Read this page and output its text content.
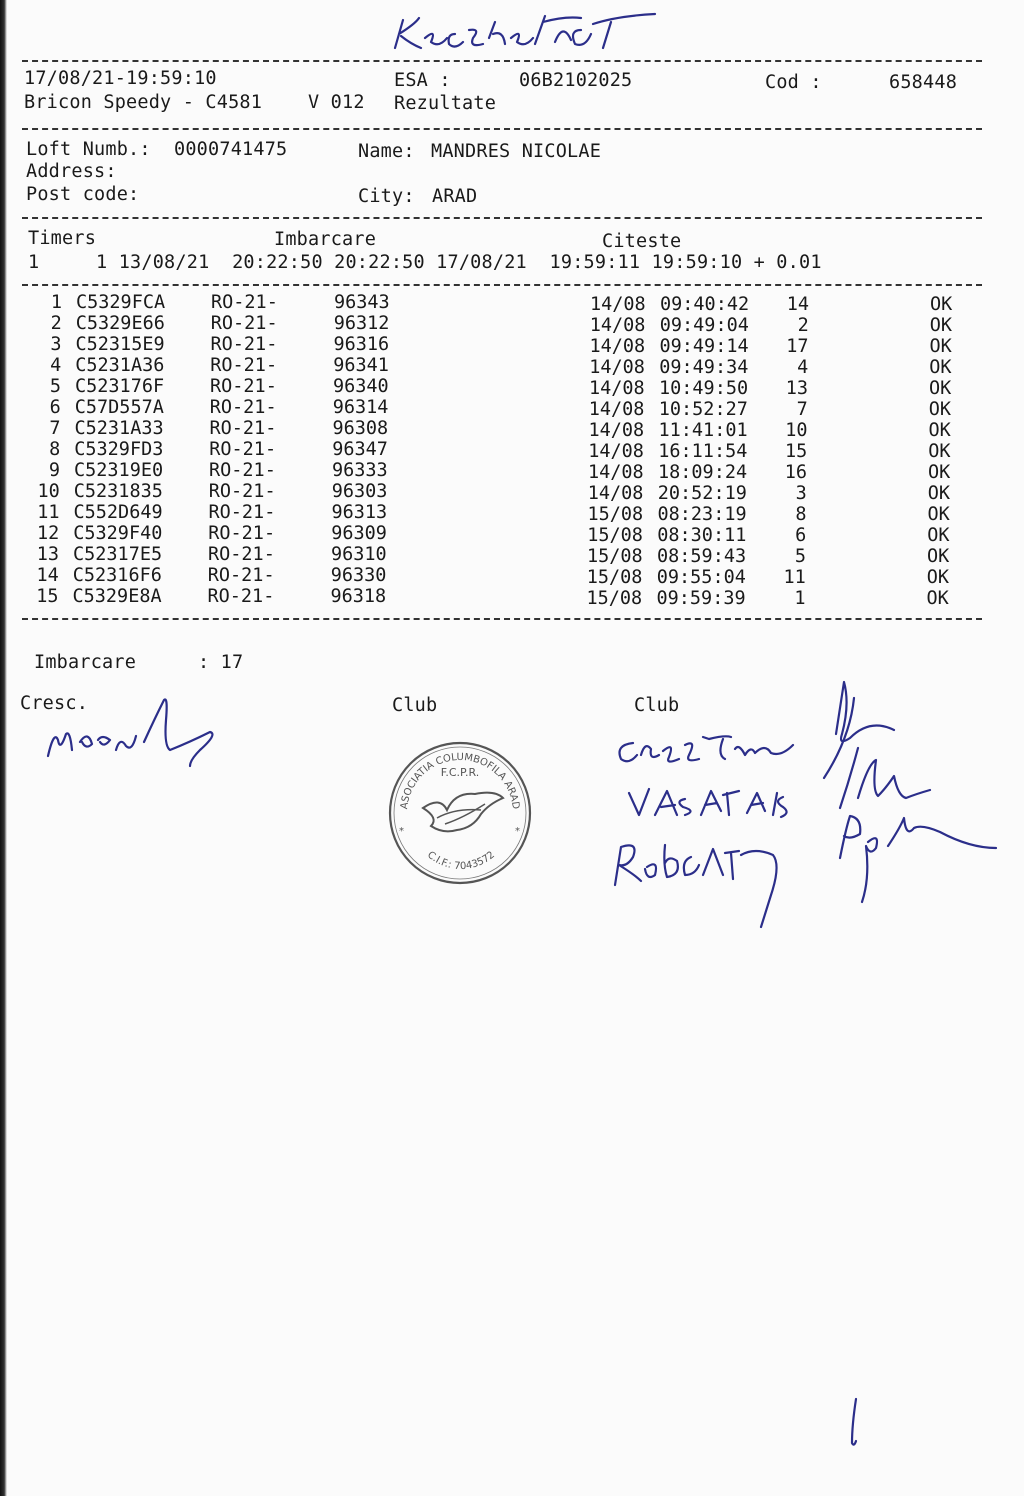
17/08/21-19:59:10	ESA :	06B2102025	Cod :	658448
Bricon Speedy - C4581 V 012 Rezultate
Loft Numb.: 0000741475	Name: MANDRES NICOLAE
Address:
Post code:	City: ARAD
Timers	Imbarcare	Citeste
1     1 13/08/21  20:22:50 20:22:50 17/08/21  19:59:11 19:59:10 + 0.01
1 C5329FCA RO-21-	96343	14/08 09:40:42 14	OK
2 C5329E66 RO-21-	96312	14/08 09:49:04	2	OK
3 C52315E9 RO-21-	96316	14/08 09:49:14 17	OK
4 C5231A36 RO-21-	96341	14/08 09:49:34	4	OK
5 C523176F RO-21-	96340	14/08 10:49:50 13	OK
6 C57D557A RO-21-	96314	14/08 10:52:27	7	OK
7 C5231A33 RO-21-	96308	14/08 11:41:01 10	OK
8 C5329FD3 RO-21-	96347	14/08 16:11:54 15	OK
9 C52319E0 RO-21-	96333	14/08 18:09:24 16	OK
10 C5231835 RO-21-	96303	14/08 20:52:19	3	OK
11 C552D649 RO-21-	96313	15/08 08:23:19	8	OK
12 C5329F40 RO-21-	96309	15/08 08:30:11	6	OK
13 C52317E5 RO-21-	96310	15/08 08:59:43	5	OK
14 C52316F6 RO-21-	96330	15/08 09:55:04 11	OK
15 C5329E8A RO-21-	96318	15/08 09:59:39	1	OK
Imbarcare	: 17
Cresc.	Club	Club
ASOCIATIA COLUMBOFILA ARAD
F.C.P.R.
C.I.F.: 7043572
*	*
